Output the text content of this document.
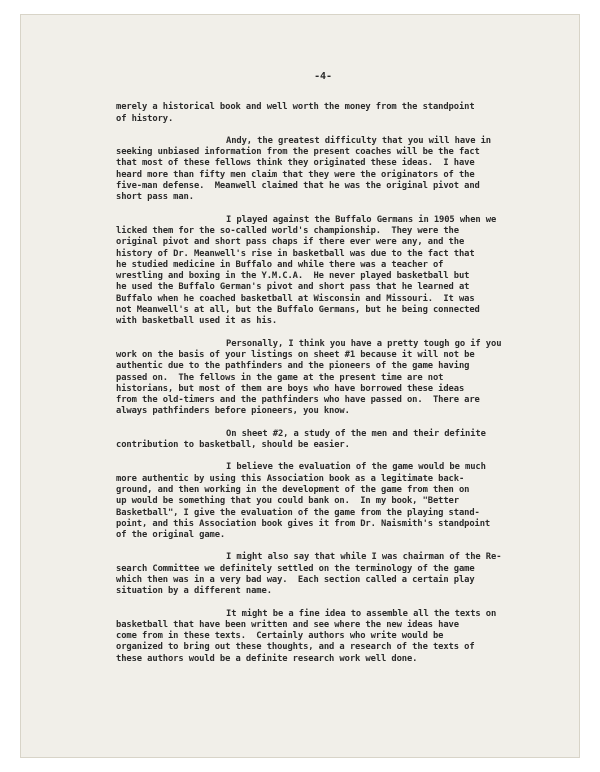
-4-
merely a historical book and well worth the money from the standpoint
of history.
Andy, the greatest difficulty that you will have in
seeking unbiased information from the present coaches will be the fact
that most of these fellows think they originated these ideas.  I have
heard more than fifty men claim that they were the originators of the
five-man defense.  Meanwell claimed that he was the original pivot and
short pass man.
I played against the Buffalo Germans in 1905 when we
licked them for the so-called world's championship.  They were the
original pivot and short pass chaps if there ever were any, and the
history of Dr. Meanwell's rise in basketball was due to the fact that
he studied medicine in Buffalo and while there was a teacher of
wrestling and boxing in the Y.M.C.A.  He never played basketball but
he used the Buffalo German's pivot and short pass that he learned at
Buffalo when he coached basketball at Wisconsin and Missouri.  It was
not Meanwell's at all, but the Buffalo Germans, but he being connected
with basketball used it as his.
Personally, I think you have a pretty tough go if you
work on the basis of your listings on sheet #1 because it will not be
authentic due to the pathfinders and the pioneers of the game having
passed on.  The fellows in the game at the present time are not
historians, but most of them are boys who have borrowed these ideas
from the old-timers and the pathfinders who have passed on.  There are
always pathfinders before pioneers, you know.
On sheet #2, a study of the men and their definite
contribution to basketball, should be easier.
I believe the evaluation of the game would be much
more authentic by using this Association book as a legitimate back-
ground, and then working in the development of the game from then on
up would be something that you could bank on.  In my book, "Better
Basketball", I give the evaluation of the game from the playing stand-
point, and this Association book gives it from Dr. Naismith's standpoint
of the original game.
I might also say that while I was chairman of the Re-
search Committee we definitely settled on the terminology of the game
which then was in a very bad way.  Each section called a certain play
situation by a different name.
It might be a fine idea to assemble all the texts on
basketball that have been written and see where the new ideas have
come from in these texts.  Certainly authors who write would be
organized to bring out these thoughts, and a research of the texts of
these authors would be a definite research work well done.
